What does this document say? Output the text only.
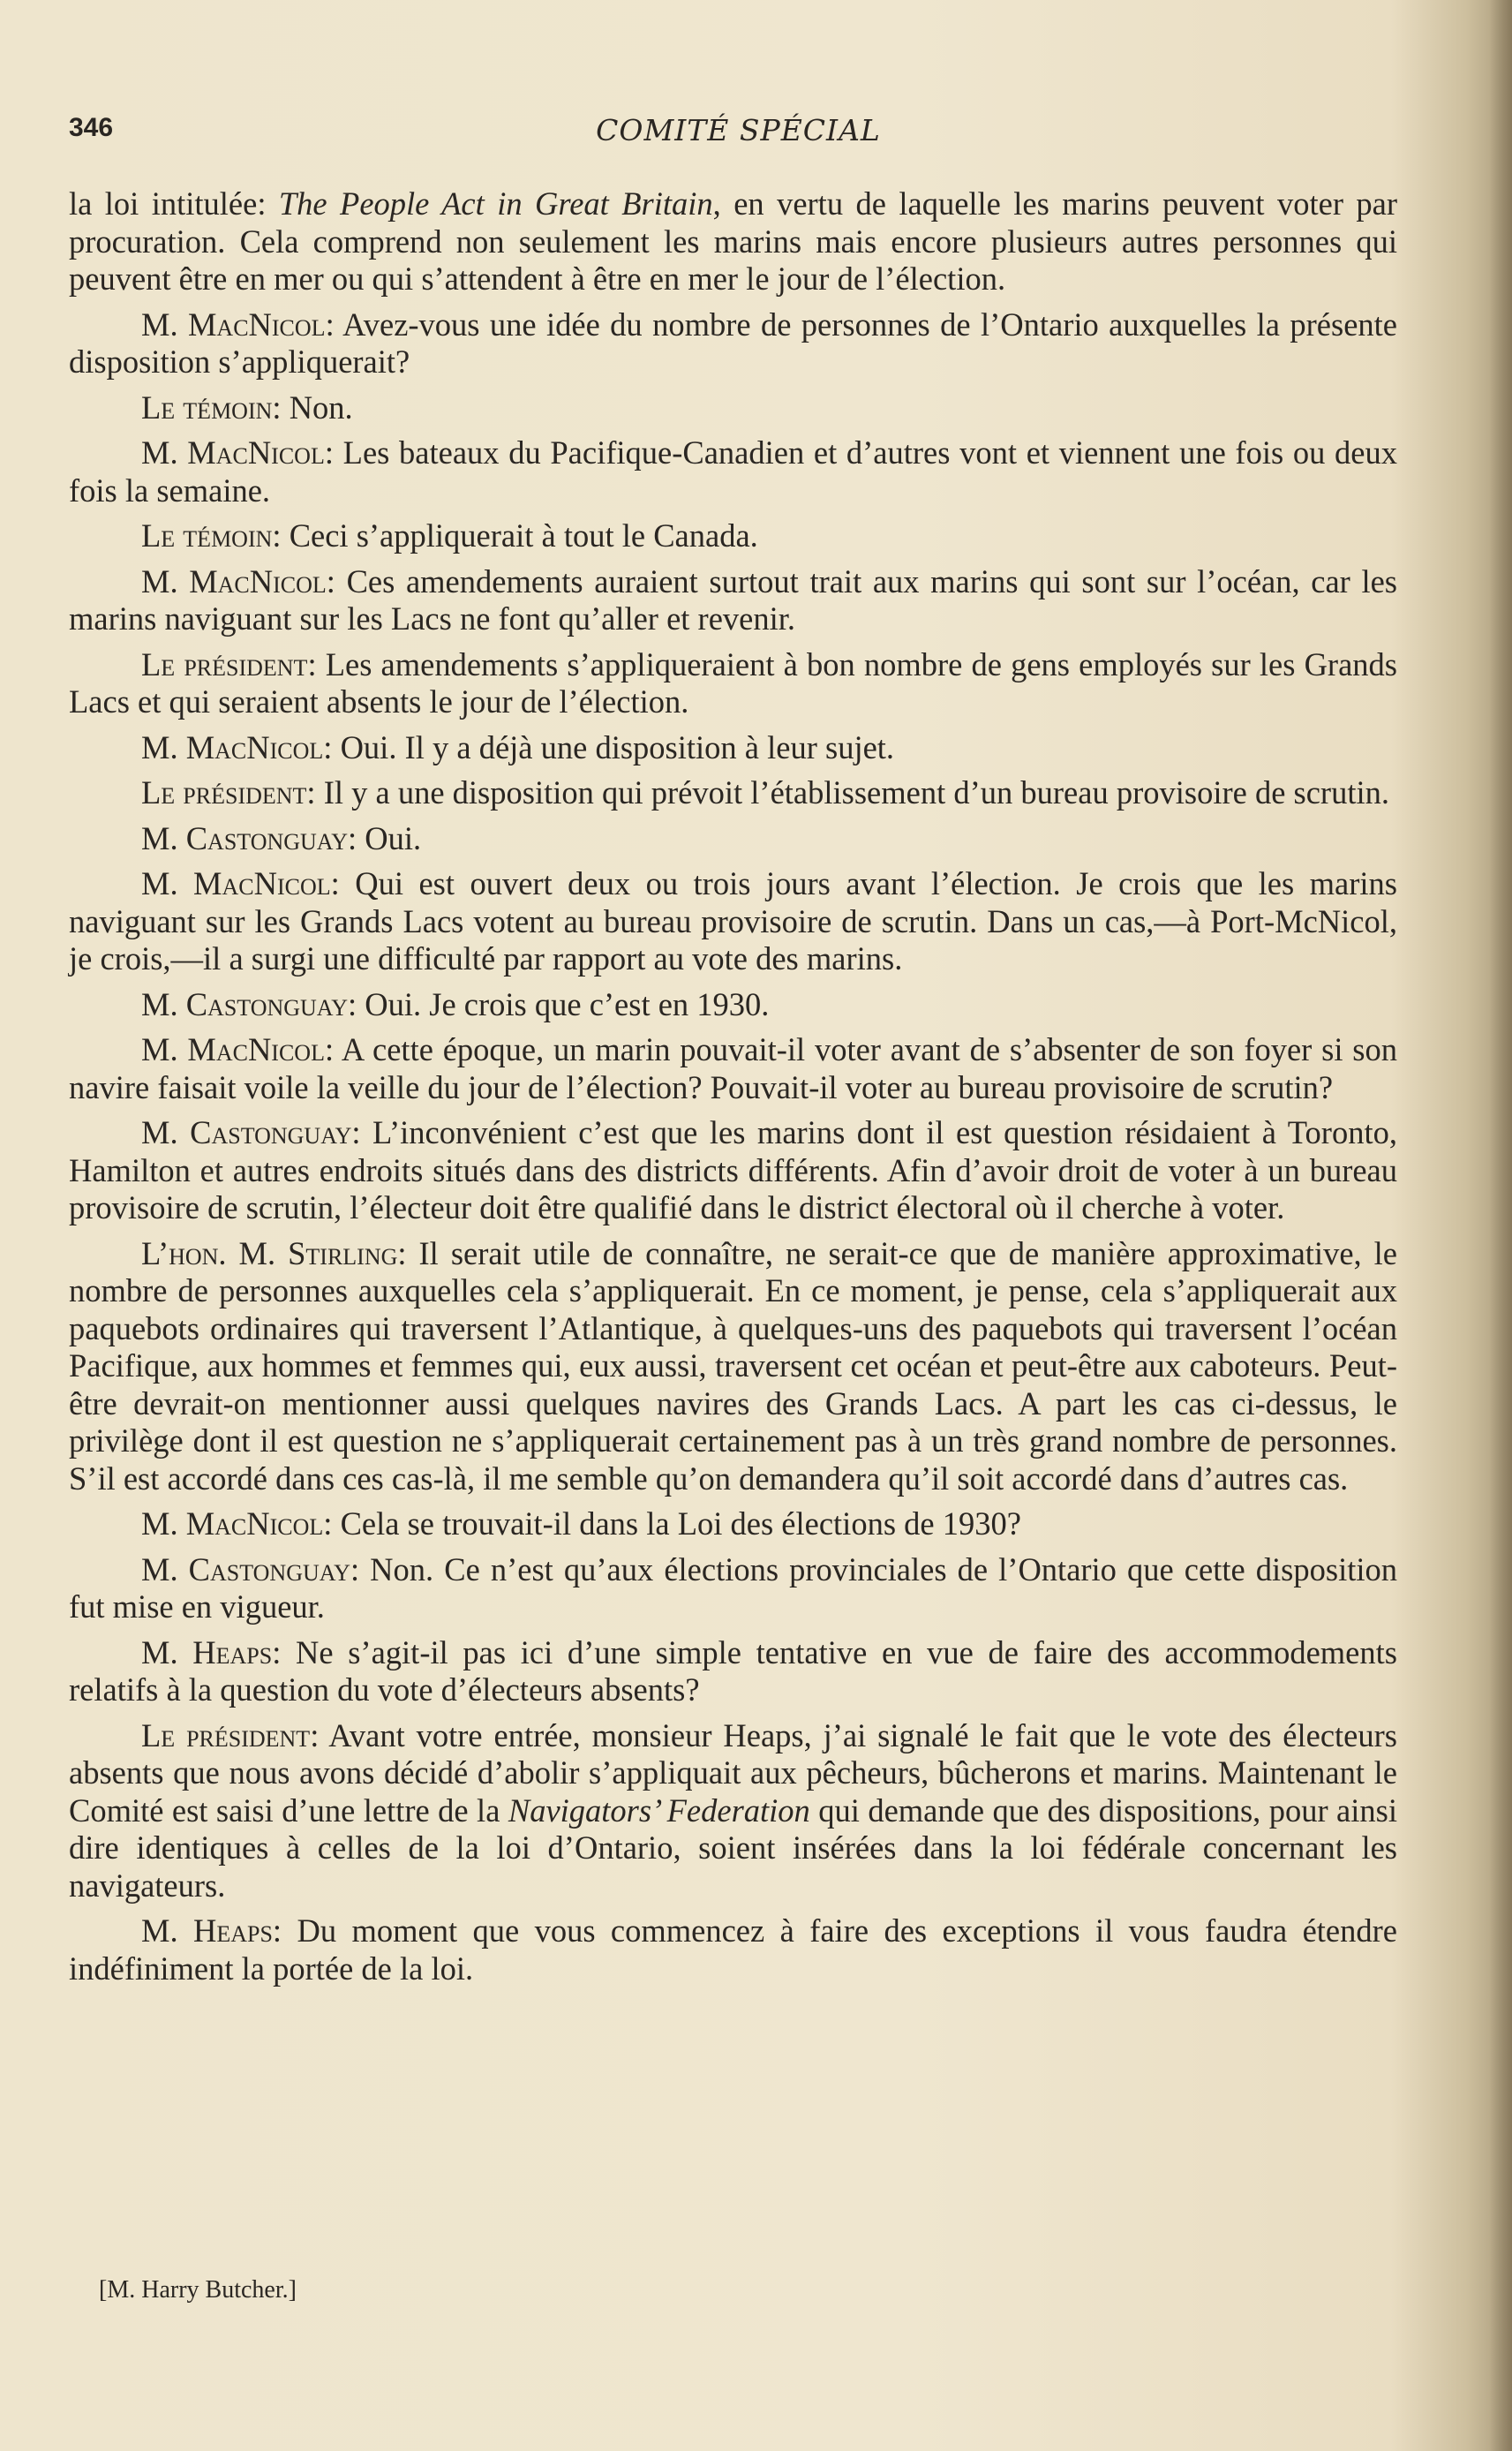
346	COMITÉ SPÉCIAL

la loi intitulée: The People Act in Great Britain, en vertu de laquelle les marins peuvent voter par procuration. Cela comprend non seulement les marins mais encore plusieurs autres personnes qui peuvent être en mer ou qui s’attendent à être en mer le jour de l’élection.

M. MacNicol: Avez-vous une idée du nombre de personnes de l’Ontario auxquelles la présente disposition s’appliquerait?

Le témoin: Non.

M. MacNicol: Les bateaux du Pacifique-Canadien et d’autres vont et viennent une fois ou deux fois la semaine.

Le témoin: Ceci s’appliquerait à tout le Canada.

M. MacNicol: Ces amendements auraient surtout trait aux marins qui sont sur l’océan, car les marins naviguant sur les Lacs ne font qu’aller et revenir.

Le président: Les amendements s’appliqueraient à bon nombre de gens employés sur les Grands Lacs et qui seraient absents le jour de l’élection.

M. MacNicol: Oui. Il y a déjà une disposition à leur sujet.

Le président: Il y a une disposition qui prévoit l’établissement d’un bureau provisoire de scrutin.

M. Castonguay: Oui.

M. MacNicol: Qui est ouvert deux ou trois jours avant l’élection. Je crois que les marins naviguant sur les Grands Lacs votent au bureau provisoire de scrutin. Dans un cas,—à Port-McNicol, je crois,—il a surgi une difficulté par rapport au vote des marins.

M. Castonguay: Oui. Je crois que c’est en 1930.

M. MacNicol: A cette époque, un marin pouvait-il voter avant de s’absenter de son foyer si son navire faisait voile la veille du jour de l’élection? Pouvait-il voter au bureau provisoire de scrutin?

M. Castonguay: L’inconvénient c’est que les marins dont il est question résidaient à Toronto, Hamilton et autres endroits situés dans des districts différents. Afin d’avoir droit de voter à un bureau provisoire de scrutin, l’électeur doit être qualifié dans le district électoral où il cherche à voter.

L’hon. M. Stirling: Il serait utile de connaître, ne serait-ce que de manière approximative, le nombre de personnes auxquelles cela s’appliquerait. En ce moment, je pense, cela s’appliquerait aux paquebots ordinaires qui traversent l’Atlantique, à quelques-uns des paquebots qui traversent l’océan Pacifique, aux hommes et femmes qui, eux aussi, traversent cet océan et peut-être aux caboteurs. Peut-être devrait-on mentionner aussi quelques navires des Grands Lacs. A part les cas ci-dessus, le privilège dont il est question ne s’appliquerait certainement pas à un très grand nombre de personnes. S’il est accordé dans ces cas-là, il me semble qu’on demandera qu’il soit accordé dans d’autres cas.

M. MacNicol: Cela se trouvait-il dans la Loi des élections de 1930?

M. Castonguay: Non. Ce n’est qu’aux élections provinciales de l’Ontario que cette disposition fut mise en vigueur.

M. Heaps: Ne s’agit-il pas ici d’une simple tentative en vue de faire des accommodements relatifs à la question du vote d’électeurs absents?

Le président: Avant votre entrée, monsieur Heaps, j’ai signalé le fait que le vote des électeurs absents que nous avons décidé d’abolir s’appliquait aux pêcheurs, bûcherons et marins. Maintenant le Comité est saisi d’une lettre de la Navigators’ Federation qui demande que des dispositions, pour ainsi dire identiques à celles de la loi d’Ontario, soient insérées dans la loi fédérale concernant les navigateurs.

M. Heaps: Du moment que vous commencez à faire des exceptions il vous faudra étendre indéfiniment la portée de la loi.

[M. Harry Butcher.]
